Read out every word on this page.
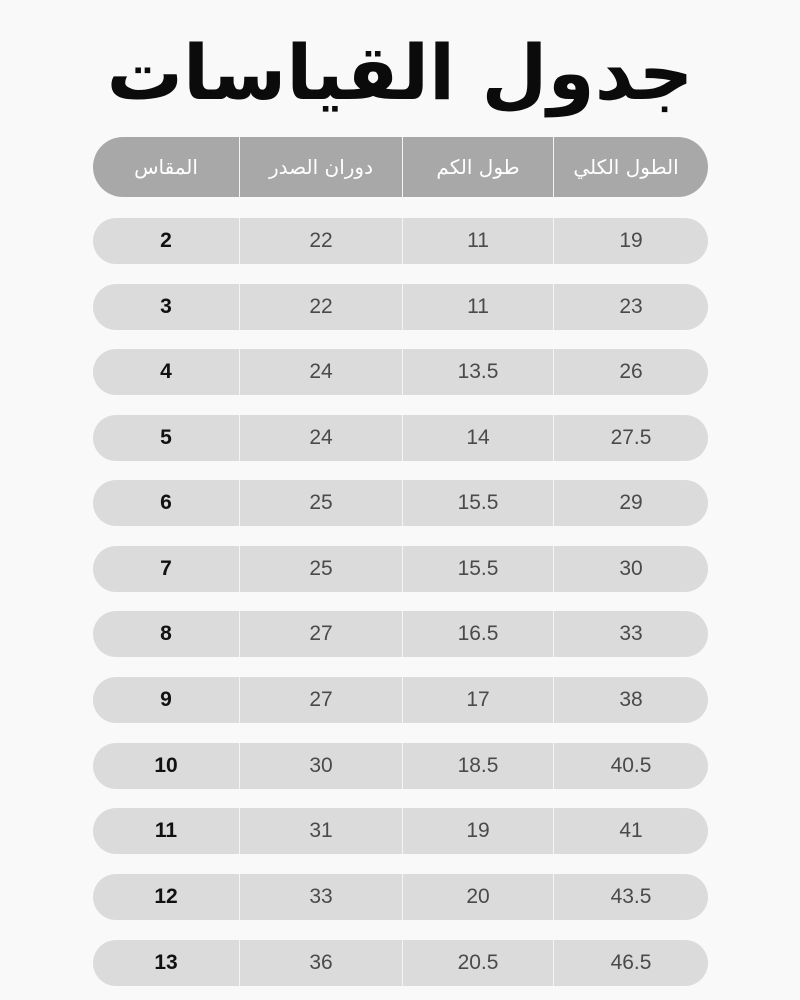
جدول القياسات
المقاس	دوران الصدر	طول الكم	الطول الكلي
2	22	11	19
3	22	11	23
4	24	13.5	26
5	24	14	27.5
6	25	15.5	29
7	25	15.5	30
8	27	16.5	33
9	27	17	38
10	30	18.5	40.5
11	31	19	41
12	33	20	43.5
13	36	20.5	46.5
